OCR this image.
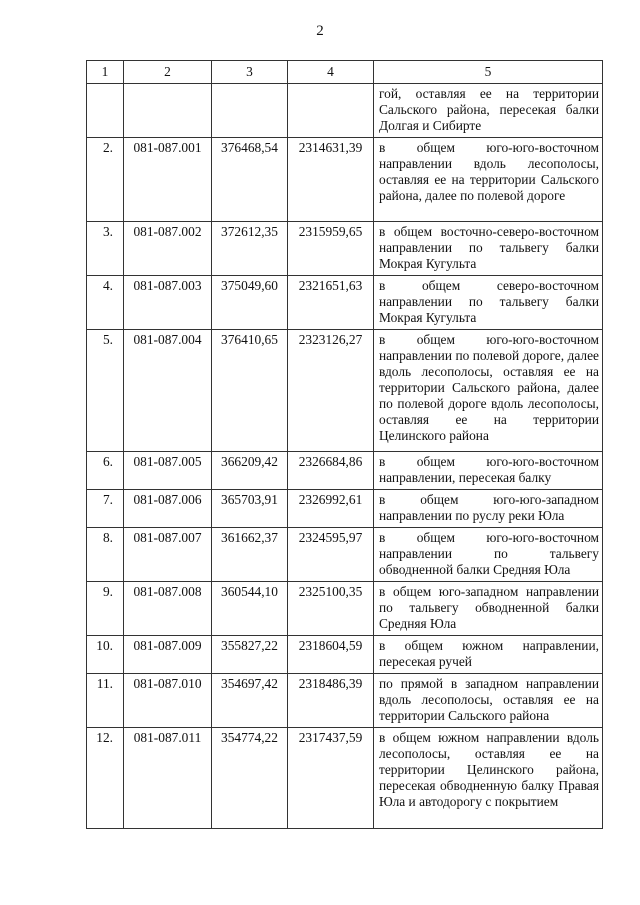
2
1	2	3	4	5
				гой, оставляя ее на территории Сальского района, пересекая балки Долгая и Сибирте
2.	081-087.001	376468,54	2314631,39	в общем юго-юго-восточном направлении вдоль лесополосы, оставляя ее на территории Сальского района, далее по полевой дороге
3.	081-087.002	372612,35	2315959,65	в общем восточно-северо-восточном направлении по тальвегу балки Мокрая Кугульта
4.	081-087.003	375049,60	2321651,63	в общем северо-восточном направлении по тальвегу балки Мокрая Кугульта
5.	081-087.004	376410,65	2323126,27	в общем юго-юго-восточном направлении по полевой дороге, далее вдоль лесополосы, оставляя ее на территории Сальского района, далее по полевой дороге вдоль лесополосы, оставляя ее на территории Целинского района
6.	081-087.005	366209,42	2326684,86	в общем юго-юго-восточном направлении, пересекая балку
7.	081-087.006	365703,91	2326992,61	в общем юго-юго-западном направлении по руслу реки Юла
8.	081-087.007	361662,37	2324595,97	в общем юго-юго-восточном направлении по тальвегу обводненной балки Средняя Юла
9.	081-087.008	360544,10	2325100,35	в общем юго-западном направлении по тальвегу обводненной балки Средняя Юла
10.	081-087.009	355827,22	2318604,59	в общем южном направлении, пересекая ручей
11.	081-087.010	354697,42	2318486,39	по прямой в западном направлении вдоль лесополосы, оставляя ее на территории Сальского района
12.	081-087.011	354774,22	2317437,59	в общем южном направлении вдоль лесополосы, оставляя ее на территории Целинского района, пересекая обводненную балку Правая Юла и автодорогу с покрытием
